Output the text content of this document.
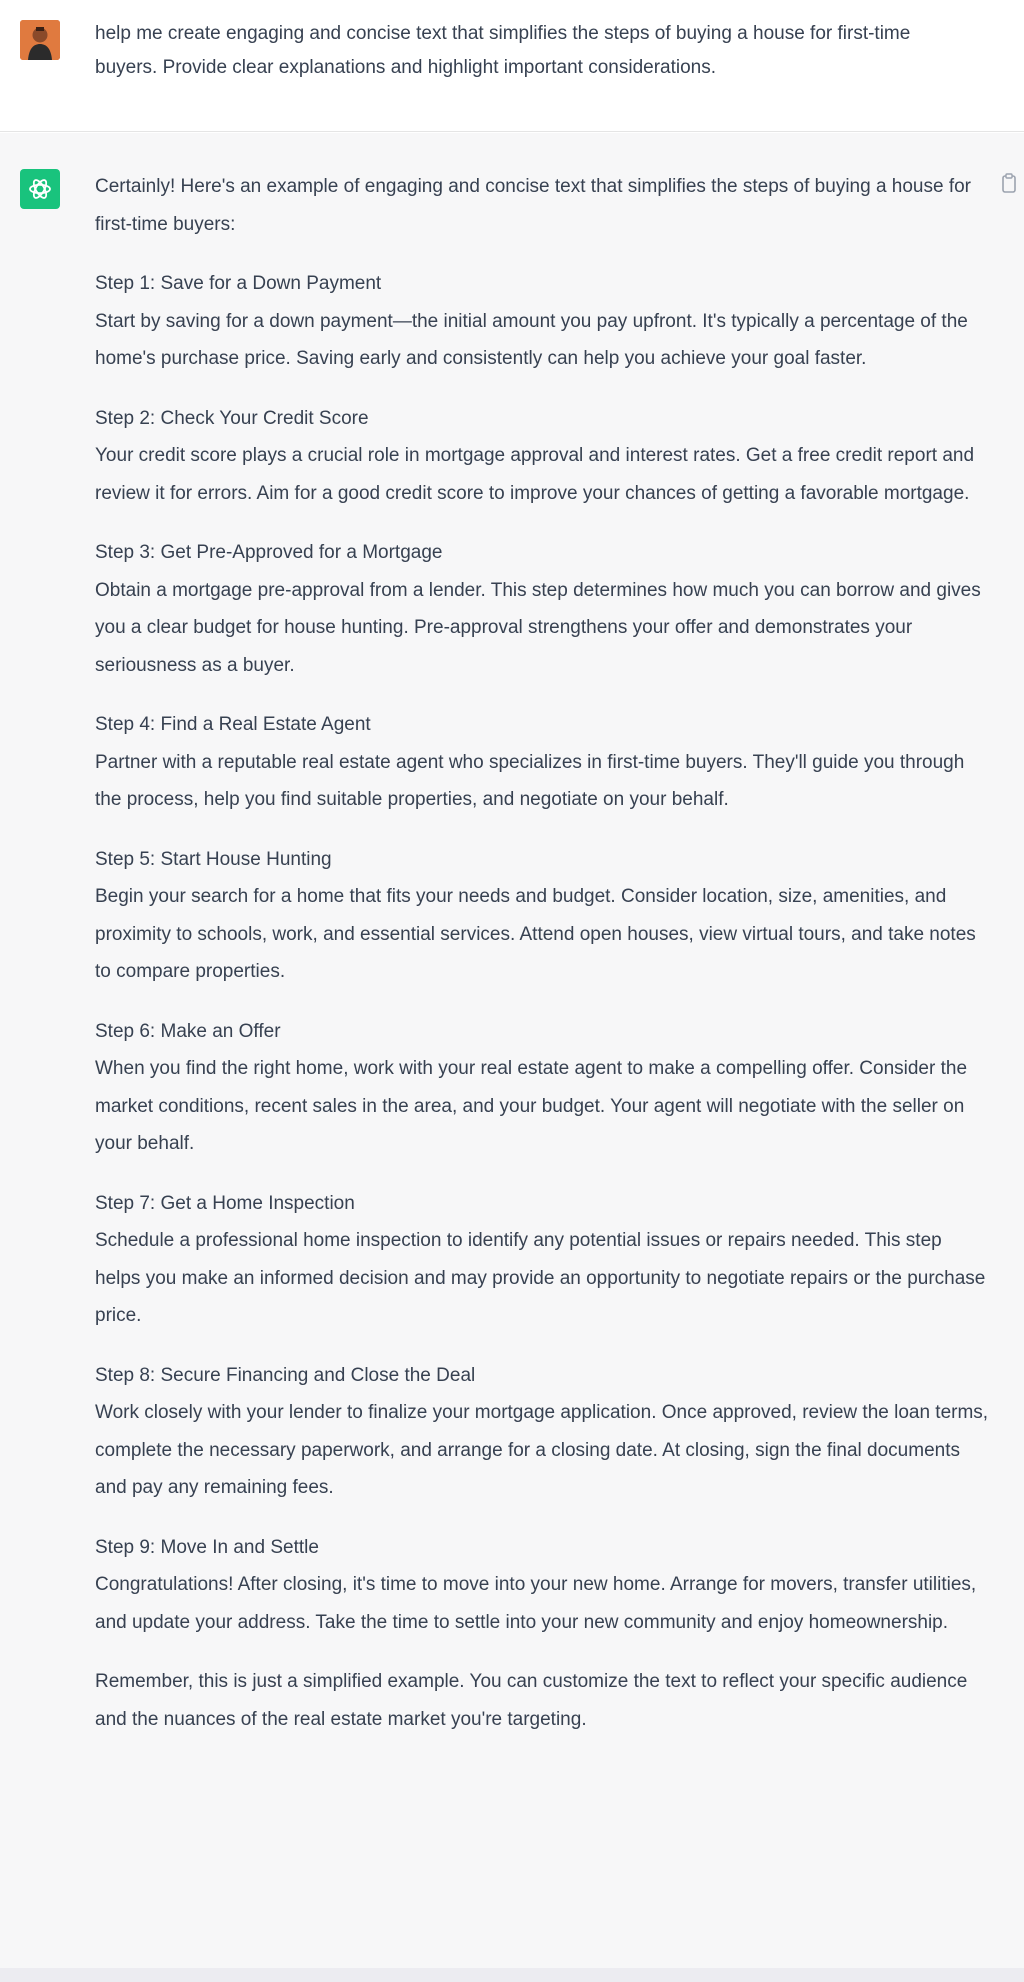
help me create engaging and concise text that simplifies the steps of buying a house for first-time buyers. Provide clear explanations and highlight important considerations.

Certainly! Here's an example of engaging and concise text that simplifies the steps of buying a house for first-time buyers:

Step 1: Save for a Down Payment
Start by saving for a down payment—the initial amount you pay upfront. It's typically a percentage of the home's purchase price. Saving early and consistently can help you achieve your goal faster.
Step 2: Check Your Credit Score
Your credit score plays a crucial role in mortgage approval and interest rates. Get a free credit report and review it for errors. Aim for a good credit score to improve your chances of getting a favorable mortgage.
Step 3: Get Pre-Approved for a Mortgage
Obtain a mortgage pre-approval from a lender. This step determines how much you can borrow and gives you a clear budget for house hunting. Pre-approval strengthens your offer and demonstrates your seriousness as a buyer.
Step 4: Find a Real Estate Agent
Partner with a reputable real estate agent who specializes in first-time buyers. They'll guide you through the process, help you find suitable properties, and negotiate on your behalf.
Step 5: Start House Hunting
Begin your search for a home that fits your needs and budget. Consider location, size, amenities, and proximity to schools, work, and essential services. Attend open houses, view virtual tours, and take notes to compare properties.
Step 6: Make an Offer
When you find the right home, work with your real estate agent to make a compelling offer. Consider the market conditions, recent sales in the area, and your budget. Your agent will negotiate with the seller on your behalf.
Step 7: Get a Home Inspection
Schedule a professional home inspection to identify any potential issues or repairs needed. This step helps you make an informed decision and may provide an opportunity to negotiate repairs or the purchase price.
Step 8: Secure Financing and Close the Deal
Work closely with your lender to finalize your mortgage application. Once approved, review the loan terms, complete the necessary paperwork, and arrange for a closing date. At closing, sign the final documents and pay any remaining fees.
Step 9: Move In and Settle
Congratulations! After closing, it's time to move into your new home. Arrange for movers, transfer utilities, and update your address. Take the time to settle into your new community and enjoy homeownership.

Remember, this is just a simplified example. You can customize the text to reflect your specific audience and the nuances of the real estate market you're targeting.
